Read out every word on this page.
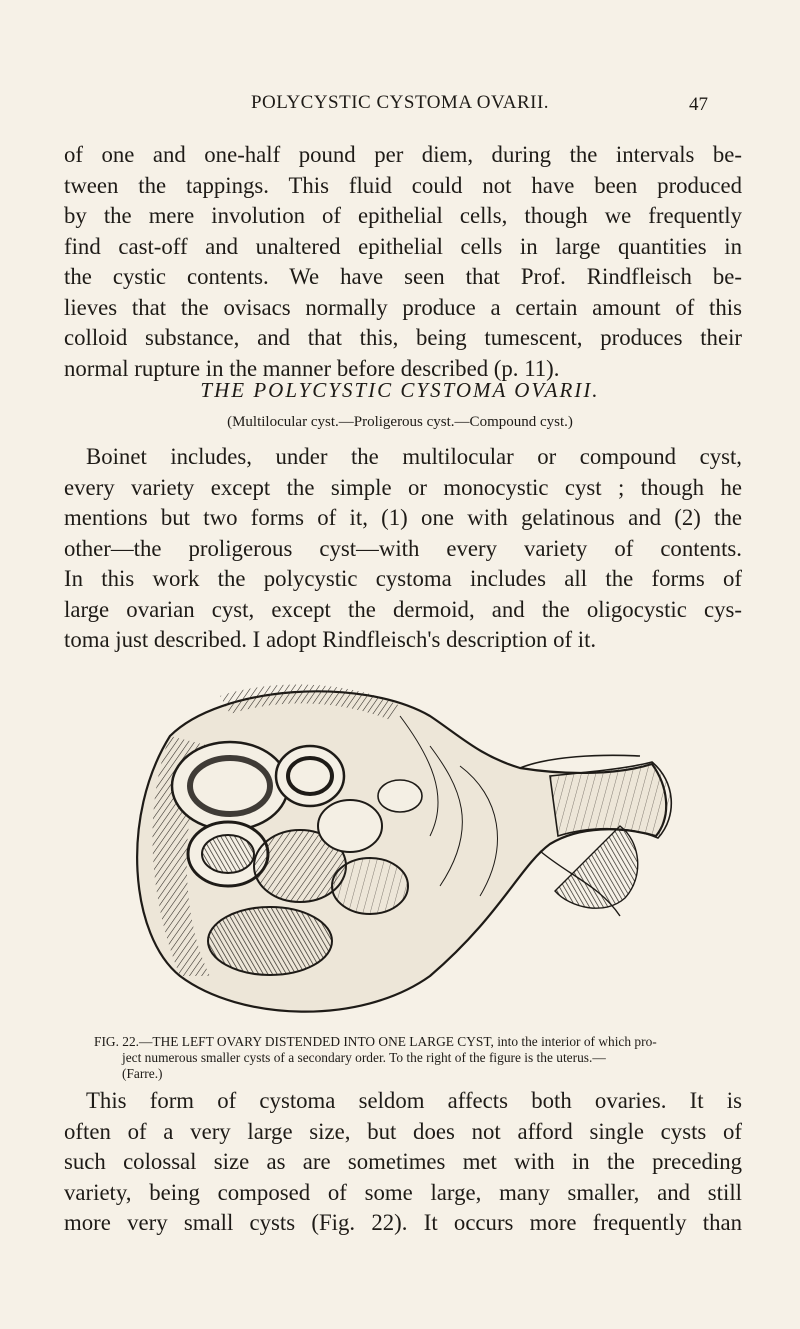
POLYCYSTIC CYSTOMA OVARII.	47
of one and one-half pound per diem, during the intervals be-
tween the tappings. This fluid could not have been produced
by the mere involution of epithelial cells, though we frequently
find cast-off and unaltered epithelial cells in large quantities in
the cystic contents. We have seen that Prof. Rindfleisch be-
lieves that the ovisacs normally produce a certain amount of this
colloid substance, and that this, being tumescent, produces their
normal rupture in the manner before described (p. 11).
THE POLYCYSTIC CYSTOMA OVARII.
(Multilocular cyst.—Proligerous cyst.—Compound cyst.)
Boinet includes, under the multilocular or compound cyst,
every variety except the simple or monocystic cyst ; though he
mentions but two forms of it, (1) one with gelatinous and (2) the
other—the proligerous cyst—with every variety of contents.
In this work the polycystic cystoma includes all the forms of
large ovarian cyst, except the dermoid, and the oligocystic cys-
toma just described. I adopt Rindfleisch's description of it.
FIG. 22.—THE LEFT OVARY DISTENDED INTO ONE LARGE CYST, into the interior of which pro-
ject numerous smaller cysts of a secondary order. To the right of the figure is the uterus.—
(Farre.)
This form of cystoma seldom affects both ovaries. It is
often of a very large size, but does not afford single cysts of
such colossal size as are sometimes met with in the preceding
variety, being composed of some large, many smaller, and still
more very small cysts (Fig. 22). It occurs more frequently than
